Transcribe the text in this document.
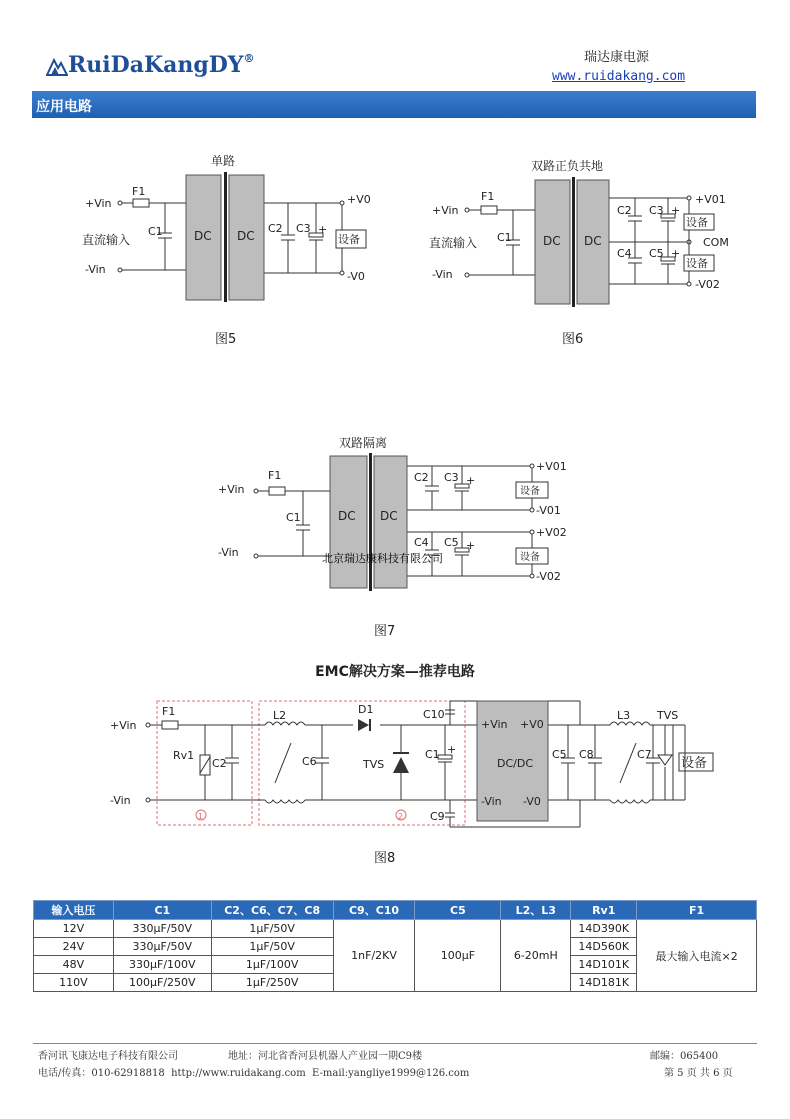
RuiDaKangDY®	瑞达康电源
www.ruidakang.com
应用电路
单路
+Vin
-Vin
直流输入
F1
C1	DC DC
C2 C3 +
+V0
-V0
设备
图5
双路正负共地
+Vin
-Vin
直流输入
F1
C1	DC DC
C2 C3 +
C4 C5 +
+V01
COM
-V02
设备
设备
图6
双路隔离
+Vin
-Vin
F1
C1	DC DC
C2 C3 +
C4 C5 +
+V01
-V01
+V02
-V02
设备
设备
北京瑞达康科技有限公司
图7
EMC解决方案—推荐电路
+Vin
-Vin
F1
Rv1
C2
L2
C6
D1
TVS
C10
C1 +
C9
+Vin +V0
DC/DC
-Vin -V0
C5 C8
L3
C7
TVS
设备
1	2
图8
输入电压	C1	C2、C6、C7、C8	C9、C10	C5	L2、L3	Rv1	F1
12V	330μF/50V	1μF/50V	1nF/2KV	100μF	6-20mH	14D390K	最大输入电流×2
24V	330μF/50V	1μF/50V				14D560K	
48V	330μF/100V	1μF/100V				14D101K	
110V	100μF/250V	1μF/250V				14D181K	
香河讯飞康达电子科技有限公司	地址：河北省香河县机器人产业园一期C9楼	邮编：065400
电话/传真：010-62918818  http://www.ruidakang.com  E-mail:yangliye1999@126.com	第 5 页 共 6 页
